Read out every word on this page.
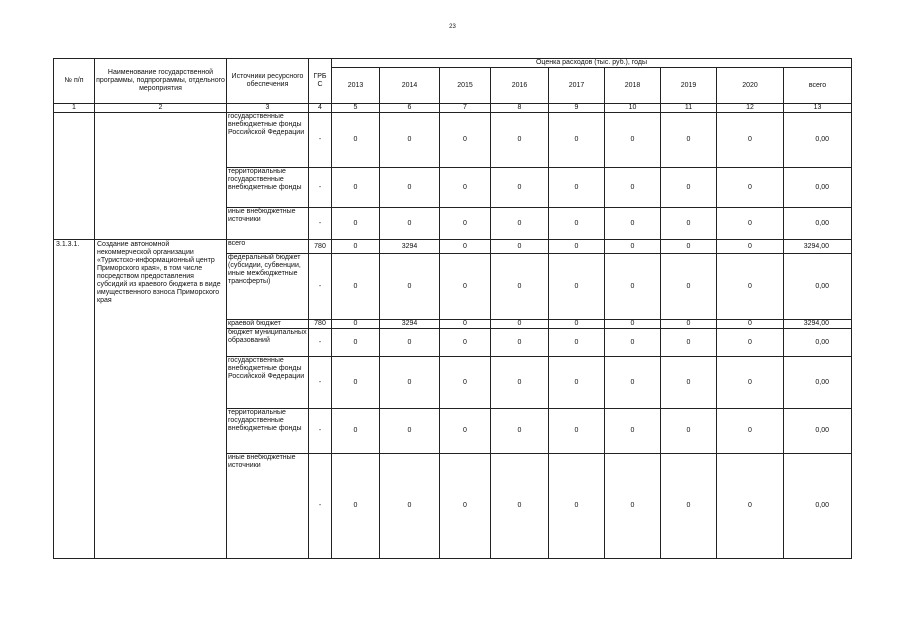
23
№ п/п	Наименование государственной программы, подпрограммы, отдельного мероприятия	Источники ресурсного обеспечения	ГРБ С	Оценка расходов (тыс. руб.), годы								
				2013	2014	2015	2016	2017	2018	2019	2020	всего
1	2	3	4	5	6	7	8	9	10	11	12	13
		государственные внебюджетные фонды Российской Федерации	-	0	0	0	0	0	0	0	0	0,00
		территориальные государственные внебюджетные фонды	-	0	0	0	0	0	0	0	0	0,00
		иные внебюджетные источники	-	0	0	0	0	0	0	0	0	0,00
3.1.3.1.	Создание автономной некоммерческой организации «Туристско-информационный центр Приморского края», в том числе посредством предоставления субсидий из краевого бюджета в виде имущественного взноса Приморского края	всего	780	0	3294	0	0	0	0	0	0	3294,00
		федеральный бюджет (субсидии, субвенции, иные межбюджетные трансферты)	-	0	0	0	0	0	0	0	0	0,00
		краевой бюджет	780	0	3294	0	0	0	0	0	0	3294,00
		бюджет муниципальных образований	-	0	0	0	0	0	0	0	0	0,00
		государственные внебюджетные фонды Российской Федерации	-	0	0	0	0	0	0	0	0	0,00
		территориальные государственные внебюджетные фонды	-	0	0	0	0	0	0	0	0	0,00
		иные внебюджетные источники	-	0	0	0	0	0	0	0	0	0,00
